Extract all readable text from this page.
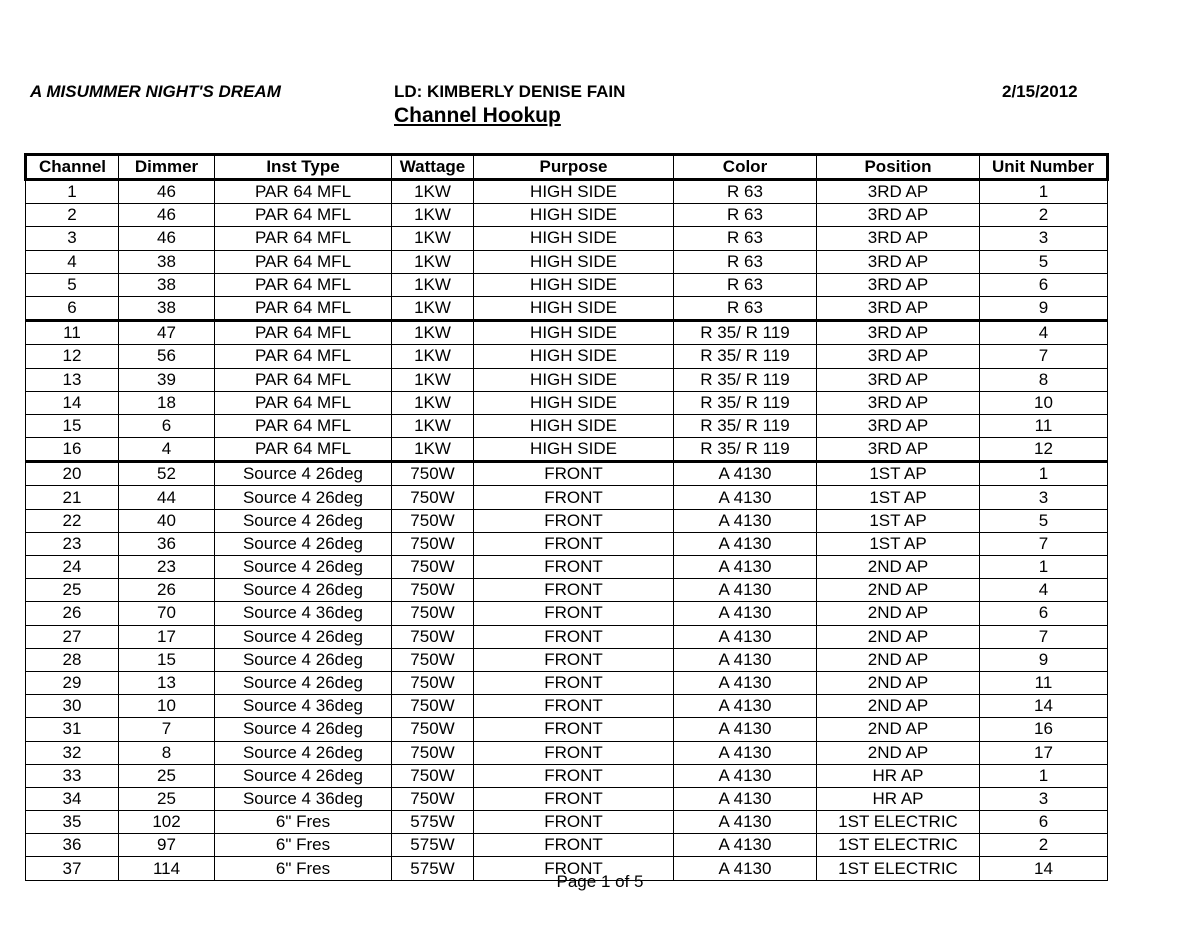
A MISUMMER NIGHT'S DREAM	LD: KIMBERLY DENISE FAIN	2/15/2012
Channel Hookup
Channel	Dimmer	Inst Type	Wattage	Purpose	Color	Position	Unit Number
1	46	PAR 64 MFL	1KW	HIGH SIDE	R 63	3RD AP	1
2	46	PAR 64 MFL	1KW	HIGH SIDE	R 63	3RD AP	2
3	46	PAR 64 MFL	1KW	HIGH SIDE	R 63	3RD AP	3
4	38	PAR 64 MFL	1KW	HIGH SIDE	R 63	3RD AP	5
5	38	PAR 64 MFL	1KW	HIGH SIDE	R 63	3RD AP	6
6	38	PAR 64 MFL	1KW	HIGH SIDE	R 63	3RD AP	9
11	47	PAR 64 MFL	1KW	HIGH SIDE	R 35/ R 119	3RD AP	4
12	56	PAR 64 MFL	1KW	HIGH SIDE	R 35/ R 119	3RD AP	7
13	39	PAR 64 MFL	1KW	HIGH SIDE	R 35/ R 119	3RD AP	8
14	18	PAR 64 MFL	1KW	HIGH SIDE	R 35/ R 119	3RD AP	10
15	6	PAR 64 MFL	1KW	HIGH SIDE	R 35/ R 119	3RD AP	11
16	4	PAR 64 MFL	1KW	HIGH SIDE	R 35/ R 119	3RD AP	12
20	52	Source 4 26deg	750W	FRONT	A 4130	1ST AP	1
21	44	Source 4 26deg	750W	FRONT	A 4130	1ST AP	3
22	40	Source 4 26deg	750W	FRONT	A 4130	1ST AP	5
23	36	Source 4 26deg	750W	FRONT	A 4130	1ST AP	7
24	23	Source 4 26deg	750W	FRONT	A 4130	2ND AP	1
25	26	Source 4 26deg	750W	FRONT	A 4130	2ND AP	4
26	70	Source 4 36deg	750W	FRONT	A 4130	2ND AP	6
27	17	Source 4 26deg	750W	FRONT	A 4130	2ND AP	7
28	15	Source 4 26deg	750W	FRONT	A 4130	2ND AP	9
29	13	Source 4 26deg	750W	FRONT	A 4130	2ND AP	11
30	10	Source 4 36deg	750W	FRONT	A 4130	2ND AP	14
31	7	Source 4 26deg	750W	FRONT	A 4130	2ND AP	16
32	8	Source 4 26deg	750W	FRONT	A 4130	2ND AP	17
33	25	Source 4 26deg	750W	FRONT	A 4130	HR AP	1
34	25	Source 4 36deg	750W	FRONT	A 4130	HR AP	3
35	102	6" Fres	575W	FRONT	A 4130	1ST ELECTRIC	6
36	97	6" Fres	575W	FRONT	A 4130	1ST ELECTRIC	2
37	114	6" Fres	575W	FRONT	A 4130	1ST ELECTRIC	14
Page 1 of 5
